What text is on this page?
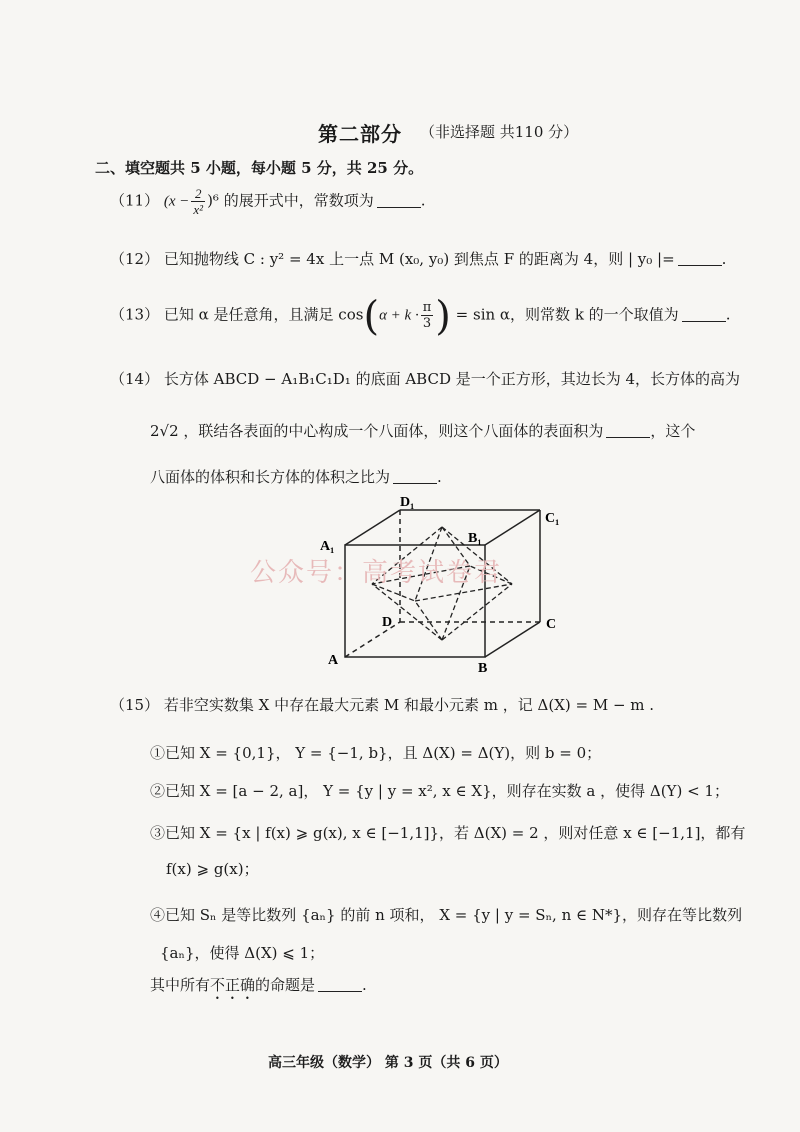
第二部分 （非选择题 共110 分）
二、填空题共 5 小题，每小题 5 分，共 25 分。
（11） $(x - \frac{2}{\text{x²}} )^6$ 的展开式中，常数项为	.
（12） 已知抛物线 C : y² = 4x 上一点 M (x₀, y₀) 到焦点 F 的距离为 4，则 | y₀ |=	.
（13） 已知 α 是任意角，且满足 $\cos(\alpha + k \cdot \frac{\pi}{3}$ ) = sin α，则常数 k 的一个取值为	.
（14） 长方体 ABCD − A₁B₁C₁D₁ 的底面 ABCD 是一个正方形，其边长为 4，长方体的高为
2√2 ，联结各表面的中心构成一个八面体，则这个八面体的表面积为	，这个
八面体的体积和长方体的体积之比为	.
D₁
C₁
A₁
B₁
D	C
A
B
公众号：高考试卷君
（15） 若非空实数集 X 中存在最大元素 M 和最小元素 m ，记 Δ(X) = M − m .
①已知 X = {0,1}， Y = {−1, b}，且 Δ(X) = Δ(Y)，则 b = 0；
②已知 X = [a − 2, a]， Y = {y | y = x², x ∈ X}，则存在实数 a ，使得 Δ(Y) < 1；
③已知 X = {x | f(x) ⩾ g(x), x ∈ [−1,1]}，若 Δ(X) = 2 ，则对任意 x ∈ [−1,1]，都有
f(x) ⩾ g(x)；
④已知 Sₙ 是等比数列 {aₙ} 的前 n 项和， X = {y | y = Sₙ, n ∈ N*}，则存在等比数列
{aₙ}，使得 Δ(X) ⩽ 1；
其中所有不正确的命题是	.
高三年级（数学） 第 3 页（共 6 页）
